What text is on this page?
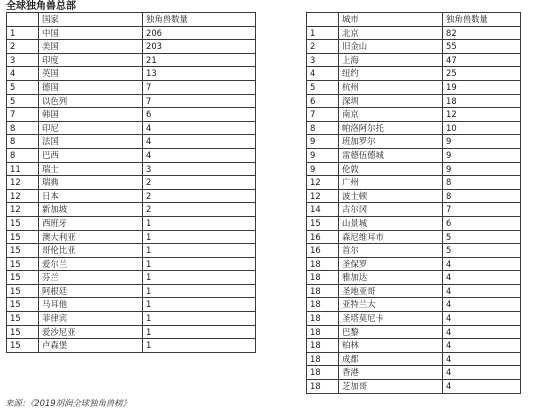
全球独角兽总部
	国家	独角兽数量
1	中国	206
2	美国	203
3	印度	21
4	英国	13
5	德国	7
5	以色列	7
7	韩国	6
8	印尼	4
8	法国	4
8	巴西	4
11	瑞士	3
12	瑞典	2
12	日本	2
12	新加坡	2
15	西班牙	1
15	澳大利亚	1
15	哥伦比亚	1
15	爱尔兰	1
15	芬兰	1
15	阿根廷	1
15	马耳他	1
15	菲律宾	1
15	爱沙尼亚	1
15	卢森堡	1
	城市	独角兽数量
1	北京	82
2	旧金山	55
3	上海	47
4	纽约	25
5	杭州	19
6	深圳	18
7	南京	12
8	帕洛阿尔托	10
9	班加罗尔	9
9	雷德伍德城	9
9	伦敦	9
12	广州	8
12	波士顿	8
14	古尔冈	7
15	山景城	6
16	森尼维耳市	5
16	首尔	5
18	圣保罗	4
18	雅加达	4
18	圣地亚哥	4
18	亚特兰大	4
18	圣塔莫尼卡	4
18	巴黎	4
18	柏林	4
18	成都	4
18	香港	4
18	芝加哥	4
来源：《2019胡润全球独角兽榜》
